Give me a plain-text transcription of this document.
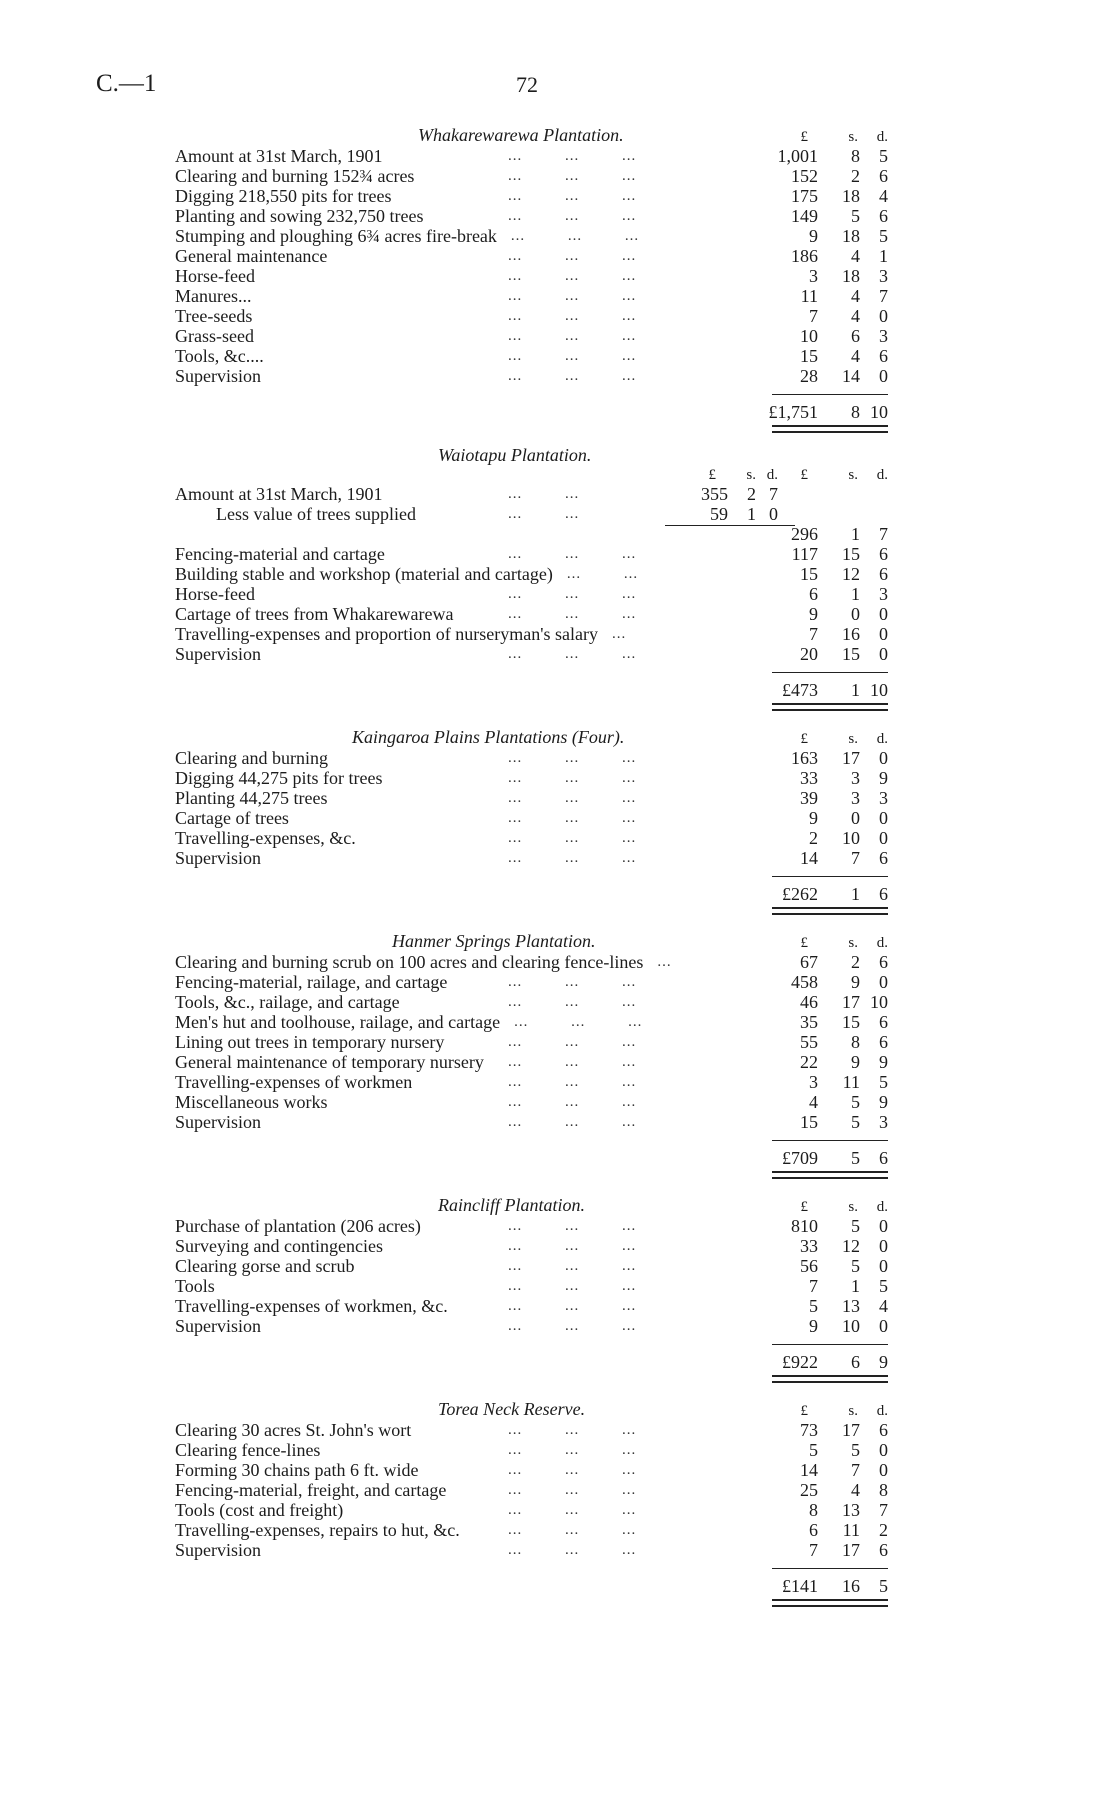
C.—1	72
Whakarewarewa Plantation.	£	s. d.
Amount at 31st March, 1901	... ... ...	1,001 8 5
Clearing and burning 152¾ acres	... ... ...	152 2 6
Digging 218,550 pits for trees	... ... ...	175 18 4
Planting and sowing 232,750 trees	... ... ...	149 5 6
Stumping and ploughing 6¾ acres fire-break ... ... ...	9 18 5
General maintenance	... ... ...	186 4 1
Horse-feed	... ... ...	3 18 3
Manures...	... ... ...	11 4 7
Tree-seeds	... ... ...	7 4 0
Grass-seed	... ... ...	10 6 3
Tools, &c....	... ... ...	15 4 6
Supervision	... ... ...	28 14 0
£1,751 8 10
Waiotapu Plantation.
£ s. d. £	s. d.
Amount at 31st March, 1901	... ...	355 2 7
Less value of trees supplied	... ...	59 1 0
296 1 7
Fencing-material and cartage	... ... ...	117 15 6
Building stable and workshop (material and cartage) ... ...	15 12 6
Horse-feed	... ... ...	6 1 3
Cartage of trees from Whakarewarewa	... ... ...	9 0 0
Travelling-expenses and proportion of nurseryman's salary ...	7 16 0
Supervision	... ... ...	20 15 0
£473 1 10
Kaingaroa Plains Plantations (Four).	£	s. d.
Clearing and burning	... ... ...	163 17 0
Digging 44,275 pits for trees	... ... ...	33 3 9
Planting 44,275 trees	... ... ...	39 3 3
Cartage of trees	... ... ...	9 0 0
Travelling-expenses, &c.	... ... ...	2 10 0
Supervision	... ... ...	14 7 6
£262 1 6
Hanmer Springs Plantation.	£	s. d.
Clearing and burning scrub on 100 acres and clearing fence-lines ...	67 2 6
Fencing-material, railage, and cartage	... ... ...	458 9 0
Tools, &c., railage, and cartage	... ... ...	46 17 10
Men's hut and toolhouse, railage, and cartage ... ... ...	35 15 6
Lining out trees in temporary nursery	... ... ...	55 8 6
General maintenance of temporary nursery ... ... ...	22 9 9
Travelling-expenses of workmen	... ... ...	3 11 5
Miscellaneous works	... ... ...	4 5 9
Supervision	... ... ...	15 5 3
£709 5 6
Raincliff Plantation.	£	s. d.
Purchase of plantation (206 acres)	... ... ...	810 5 0
Surveying and contingencies	... ... ...	33 12 0
Clearing gorse and scrub	... ... ...	56 5 0
Tools	... ... ...	7 1 5
Travelling-expenses of workmen, &c.	... ... ...	5 13 4
Supervision	... ... ...	9 10 0
£922 6 9
Torea Neck Reserve.	£	s. d.
Clearing 30 acres St. John's wort	... ... ...	73 17 6
Clearing fence-lines	... ... ...	5 5 0
Forming 30 chains path 6 ft. wide	... ... ...	14 7 0
Fencing-material, freight, and cartage	... ... ...	25 4 8
Tools (cost and freight)	... ... ...	8 13 7
Travelling-expenses, repairs to hut, &c.	... ... ...	6 11 2
Supervision	... ... ...	7 17 6
£141 16 5
